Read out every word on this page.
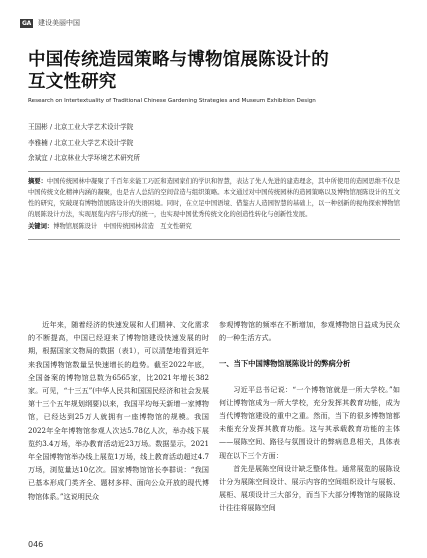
GA 建设美丽中国
中国传统造园策略与博物馆展陈设计的
互文性研究
Research on Intertextuality of Traditional Chinese Gardening Strategies and Museum Exhibition Design
王国彬 / 北京工业大学艺术设计学院
李雅楠 / 北京工业大学艺术设计学院
余斌宜 / 北京林业大学环境艺术研究所
摘要：中国传统园林中凝聚了千百年来能工巧匠和造园家们的学识和智慧，表达了先人先进的建造理念，其中所使用的造园思维不仅是中国传统文化精神内涵的凝聚，也是古人总结的空间营造与组织策略。本文通过对中国传统园林的造园策略以及博物馆展陈设计的互文性的研究，究破现有博物馆展陈设计的失语困境。同时，在立足中国语境、借鉴古人造园智慧的基础上，以一种创新的视角探索博物馆的展陈设计方法，实现展览内容与形式的统一，也实现中国优秀传统文化的创造性转化与创新性发展。
关键词：博物馆展陈设计　中国传统园林营造　互文性研究

近年来，随着经济的快速发展和人们精神、文化需求的不断提高，中国已经迎来了博物馆建设快速发展的时期，根据国家文物局的数据（表1），可以清楚地看到近年来我国博物馆数量呈快速增长的趋势。截至2022年底，全国备案的博物馆总数为6565家，比2021年增长382家。可见，“十三五”(中华人民共和国国民经济和社会发展第十三个五年规划纲要)以来，我国平均每天新增一家博物馆，已经达到25万人就拥有一座博物馆的规模。我国2022年全年博物馆参观人次达5.78亿人次，举办线下展览约3.4万场，举办教育活动近23万场。数据显示，2021年全国博物馆举办线上展览1万场，线上教育活动超过4.7万场，浏览量达10亿次。国家博物馆馆长李群说：“我国已基本形成门类齐全、题材多样、面向公众开放的现代博物馆体系。”这说明民众

参观博物馆的频率在不断增加，参观博物馆日益成为民众的一种生活方式。

一、当下中国博物馆展陈设计的弊病分析

习近平总书记说：“一个博物馆就是一所大学校。”如何让博物馆成为一所大学校，充分发挥其教育功能，成为当代博物馆建设的重中之重。然而，当下的很多博物馆都未能充分发挥其教育功能。这与其承载教育功能的主体——展陈空间、路径与氛围设计的弊病息息相关，具体表现在以下三个方面：

首先是展陈空间设计缺乏整体性。通常展览的展陈设计分为展陈空间设计、展示内容的空间组织设计与展板、展柜、展项设计三大部分，而当下大部分博物馆的展陈设计往往将展陈空间

046
